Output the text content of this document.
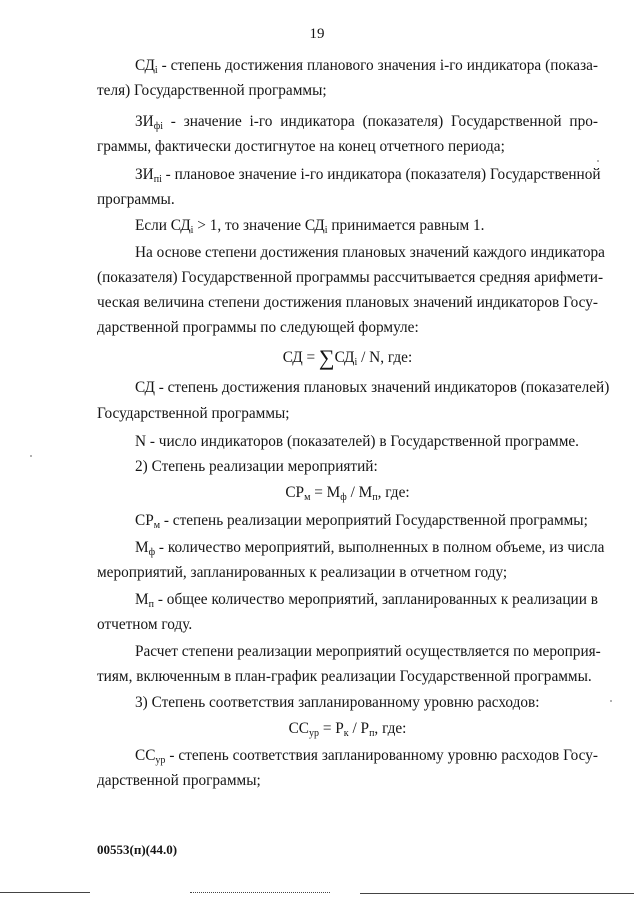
19
$СД_i$ - степень достижения планового значения i-го индикатора (показа-
теля) Государственной программы;
$ЗИ_{фi}$ - значение i-го индикатора (показателя) Государственной про-
граммы, фактически достигнутое на конец отчетного периода;
$ЗИ_{пi}$ - плановое значение i-го индикатора (показателя) Государственной
программы.
Если $СД_i > 1$, то значение $СД_i$ принимается равным 1.
На основе степени достижения плановых значений каждого индикатора
(показателя) Государственной программы рассчитывается средняя арифмети-
ческая величина степени достижения плановых значений индикаторов Госу-
дарственной программы по следующей формуле:
СД = $\sum СД_i$ / N, где:
СД - степень достижения плановых значений индикаторов (показателей)
Государственной программы;
N - число индикаторов (показателей) в Государственной программе.
2) Степень реализации мероприятий:
$СР_м = М_ф / М_п$, где:
$СР_м$ - степень реализации мероприятий Государственной программы;
$М_ф$ - количество мероприятий, выполненных в полном объеме, из числа
мероприятий, запланированных к реализации в отчетном году;
$М_п$ - общее количество мероприятий, запланированных к реализации в
отчетном году.
Расчет степени реализации мероприятий осуществляется по мероприя-
тиям, включенным в план-график реализации Государственной программы.
3) Степень соответствия запланированному уровню расходов:
$СС_{ур} = Р_к / Р_п$, где:
$СС_{ур}$ - степень соответствия запланированному уровню расходов Госу-
дарственной программы;
00553(п)(44.0)
